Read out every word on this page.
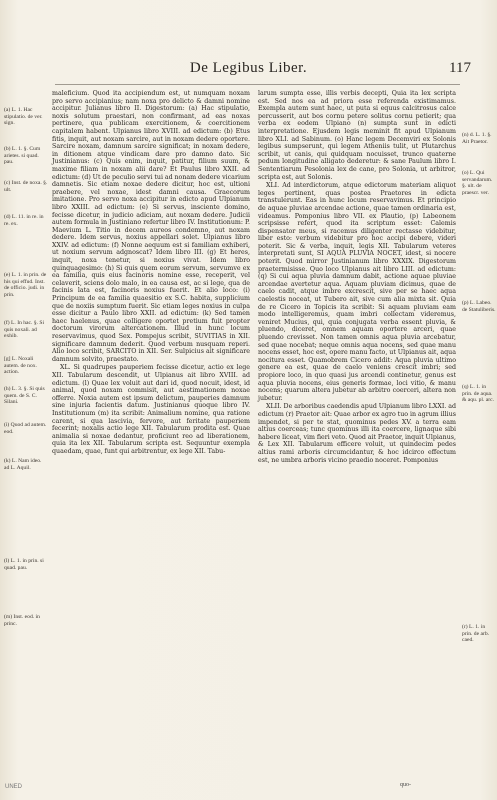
De Legibus Liber.	117

maleficium. Quod ita accipiendum est, ut numquam noxam pro servo accipianius; nam noxa pro delicto & damni nomine accipitur. Julianus libro II. Digestorum: (a) Hac stipulatio, noxis solutum praestari, non confirmant, ad eas noxas pertinere, qua publicam exercitionem, & coercitionem capitalem habent. Ulpianus libro XVIII. ad edictum: (b) Etus fitis, inquit, aut noxam sarcire, aut in noxam dedere oportere. Sarcire noxam, damnum sarcire significat; in noxam dedere, in ditionem atque vindicam dare pro damno dato. Sic Justinianus: (c) Quis enim, inquit, patitur, filium suum, & maxime filiam in noxam alii dare? Et Paulus libro XXII. ad edictum: (d) Ut de peculio servi tui ad nonam dedere vicarium damnetis. Sic etiam noxae dedere dicitur, hoc est, ultioni praebere, vel noxae, idest damni causa. Graecorum imitatione. Pro servo noxa accipitur in edicto apud Ulpianum libro XXIII. ad edictum: (e) Si servus, insciente domino, fecisse dicetur, in judicio adiciam, aut noxam dedere. Judicii autem formula in Justiniano refertur libro IV. Institutionum: P. Maevium L. Titio in decem aureos condemno, aut noxam dedere. Idem servus, noxius appellari solet. Ulpianus libro XXIV. ad edictum: (f) Nonne aequum est si familiam exhiberi, ut noxium servum adgnoscat? Idem libro III. (g) Et heres, inquit, noxa tenetur, si noxius vivat. Idem libro quinquagesimo: (h) Si quis quem eorum servum, servumve ex ea familia, quis eius facinoris nomine esse, receperit, vel celaverit, sciens dolo malo, in ea causa est, ac si lege, qua de facinis lata est, facinoris noxius fuerit. Et alio loco: (i) Principum de ea familia quaesitio ex S.C. habita, supplicium que de noxiis sumptum fuerit. Sic etiam leges noxius in culpa esse dicitur a Paulo libro XXII. ad edictum: (k) Sed tamen haec haelenus, quae colligere oportet pretium fuit propter doctorum virorum altercationem. Illud in hunc locum reservavimus, quod Sex. Pompejus scribit, SUVITIAS in XII. significare damnum dederit. Quod verbum nusquam reperi. Alio loco scribit, SARCITO in XII. Ser. Sulpicius ait significare damnum solvito, praestato.

XL. Si quadrupes pauperiem fecisse dicetur, actio ex lege XII. Tabularum descendit, ut Ulpianus ait libro XVIII. ad edictum. (l) Quae lex voluit aut dari id, quod nocuit, idest, id animal, quod noxam commisit, aut aestimationem noxae offerre. Noxia autem est ipsum delictum, pauperies damnum sine injuria facientis datum. Justinianus quoque libro IV. Institutionum (m) ita scribit: Animalium nomine, qua ratione carent, si qua lascivia, fervore, aut feritate pauperiem fecerint; noxalis actio lege XII. Tabularum prodita est. Quae animalia si noxae dedantur, proficiunt reo ad liberationem, quia ita lex XII. Tabularum scripta est. Sequuntur exempla quaedam, quae, funt qui arbitrentur, ex lege XII. Tabu-

larum sumpta esse, illis verbis decepti, Quia ita lex scripta est. Sed nos ea ad priora esse referenda existimamus. Exempla autem sunt haec, ut puta si equus calcitrosus calce percusserit, aut bos cornu petere solitus cornu petierit; qua verba ex eodem Ulpiano (n) sumpta sunt in edicti interpretatione. Ejusdem legis meminit fit apud Ulpianum libro XLI. ad Sabinum. (o) Hanc legem Decemviri ex Solonis legibus sumpserunt, qui legem Atheniis tulit, ut Plutarchus scribit, ut canis, qui quidquam nocuisset, trunco quaterne pedum longitudine alligato dederetur: & sane Paulum libro I. Sententiarum Pesolonia lex de cane, pro Solonia, ut arbitror, scripta est, aut Solonis.

XLI. Ad interdictorum, atque edictorum materiam aliquot leges pertinent, quas postea Praetores in edicta transtulerunt. Eas in hunc locum reservavimus. Et principio de aquae pluviae arcendae actione, quae tamen ordinaria est, videamus. Pomponius libro VII. ex Plautio, (p) Labeonem scripsisse refert, quod ita scriptum esset: Calemis dispensator meus, si racemus diligenter rectasse videbitur, liber esto: verbum videbitur pro hoc accipi debere, videri poterit. Sic & verba, inquit, legis XII. Tabularum veteres interpretati sunt, SI AQUA PLUVIA NOCET, idest, si nocere poterit. Quod mirror Justinianum libro XXXIX. Digestorum praetermisisse. Quo loco Ulpianus ait libro LIII. ad edictum: (q) Si cui aqua pluvia damnum dabit, actione aquae pluviae arcendae avertetur aqua. Aquam pluviam dicimus, quae de caelo cadit, atque imbre excrescit, sive per se haec aqua caelestis noceat, ut Tubero ait, sive cum alia mixta sit. Quia de re Cicero in Topicis ita scribit: Si aquam pluviam eam modo intelligeremus, quam imbri collectam videremus, veniret Mucius, qui, quia conjugata verba essent pluvia, & pluendo, diceret, omnem aquam oportere arceri, quae pluendo crevisset. Non tamen omnis aqua pluvia arcebatur, sed quae nocebat; neque omnis aqua nocens, sed quae manu nocens esset, hoc est, opere manu facto, ut Ulpianus ait, aqua nocitura esset. Quamobrem Cicero addit: Aqua pluvia ultimo genere ea est, quae de caelo veniens crescit imbri; sed propiore loco, in quo quasi jus arcendi continetur, genus est aqua pluvia nocens, eius generis formae, loci vitio, & manu nocens; quarum altera jubetur ab arbitro coerceri, altera non jubetur.

XLII. De arboribus caedendis apud Ulpianum libro LXXI. ad edictum (r) Praetor ait: Quae arbor ex agro tuo in agrum illius impendet, si per te stat, quominus pedes XV. a terra eam altius coerceas; tunc quominus illi ita coercere, lignaque sibi habere liceat, vim fieri veto. Quod ait Praetor, inquit Ulpianus, & Lex XII. Tabularum efficere voluit, ut quindecim pedes altius rami arboris circumcidantur, & hoc idcirco effectum est, ne umbra arboris vicino praedio noceret. Pomponius

(a) L. 1. Hac stipulatio. de ver. sign.
(b) L. 1. §. Cum arietes. si quad. pau.
(c) Inst. de noxa. §. ult.
(d) L. 11. in re. in re. ex.
(e) L. 1. in prin. de his qui effud. Inst. de officio. judi. in prin.
(f) L. In hac. §. Si quis noxali. ad exhib.
[g] L. Noxali autem. de nox. action.
(h) L. 3. §. Si quis quem. de S. C. Silani.
(i) Quod ad autem. eod.
(k) L. Nam ideo. ad L. Aquil.
(l) L. 1. in prin. si quad. pau.
(m) Inst. eod. in princ.
(n) d. L. 1. §. Ait Praetor.
(o) L. Qui servandarum. §. ult. de praescr. ver.
(p) L. Labeo. de Statuliberis.
(q) L. 1. in prin. de aqua. & aqu. pl. arc.
(r) L. 1. in prin. de arb. caed.
quo-
UNED
